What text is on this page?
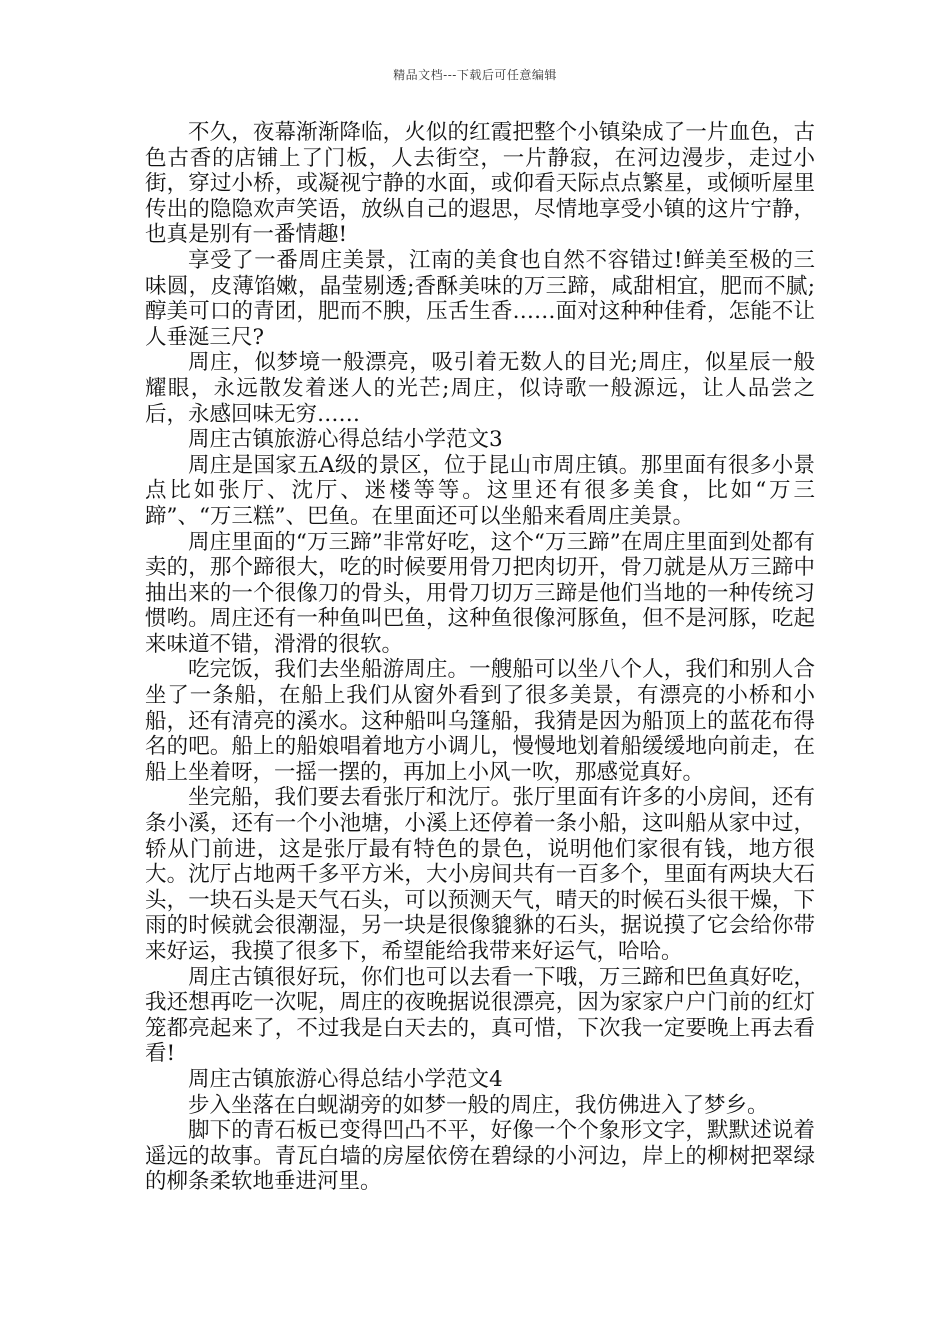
精品文档---下载后可任意编辑

不久，夜幕渐渐降临，火似的红霞把整个小镇染成了一片血色，古色古香的店铺上了门板，人去街空，一片静寂，在河边漫步，走过小街，穿过小桥，或凝视宁静的水面，或仰看天际点点繁星，或倾听屋里传出的隐隐欢声笑语，放纵自己的遐思，尽情地享受小镇的这片宁静，也真是别有一番情趣!

享受了一番周庄美景，江南的美食也自然不容错过!鲜美至极的三味圆，皮薄馅嫩，晶莹剔透;香酥美味的万三蹄，咸甜相宜，肥而不腻;醇美可口的青团，肥而不腴，压舌生香……面对这种种佳肴，怎能不让人垂涎三尺?

周庄，似梦境一般漂亮，吸引着无数人的目光;周庄，似星辰一般耀眼，永远散发着迷人的光芒;周庄，似诗歌一般源远，让人品尝之后，永感回味无穷……

周庄古镇旅游心得总结小学范文3

周庄是国家五A级的景区，位于昆山市周庄镇。那里面有很多小景点比如张厅、沈厅、迷楼等等。这里还有很多美食，比如“万三蹄”、“万三糕”、巴鱼。在里面还可以坐船来看周庄美景。

周庄里面的“万三蹄”非常好吃，这个“万三蹄”在周庄里面到处都有卖的，那个蹄很大，吃的时候要用骨刀把肉切开，骨刀就是从万三蹄中抽出来的一个很像刀的骨头，用骨刀切万三蹄是他们当地的一种传统习惯哟。周庄还有一种鱼叫巴鱼，这种鱼很像河豚鱼，但不是河豚，吃起来味道不错，滑滑的很软。

吃完饭，我们去坐船游周庄。一艘船可以坐八个人，我们和别人合坐了一条船，在船上我们从窗外看到了很多美景，有漂亮的小桥和小船，还有清亮的溪水。这种船叫乌篷船，我猜是因为船顶上的蓝花布得名的吧。船上的船娘唱着地方小调儿，慢慢地划着船缓缓地向前走，在船上坐着呀，一摇一摆的，再加上小风一吹，那感觉真好。

坐完船，我们要去看张厅和沈厅。张厅里面有许多的小房间，还有条小溪，还有一个小池塘，小溪上还停着一条小船，这叫船从家中过，轿从门前进，这是张厅最有特色的景色，说明他们家很有钱，地方很大。沈厅占地两千多平方米，大小房间共有一百多个，里面有两块大石头，一块石头是天气石头，可以预测天气，晴天的时候石头很干燥，下雨的时候就会很潮湿，另一块是很像貔貅的石头，据说摸了它会给你带来好运，我摸了很多下，希望能给我带来好运气，哈哈。

周庄古镇很好玩，你们也可以去看一下哦，万三蹄和巴鱼真好吃，我还想再吃一次呢，周庄的夜晚据说很漂亮，因为家家户户门前的红灯笼都亮起来了，不过我是白天去的，真可惜，下次我一定要晚上再去看看!

周庄古镇旅游心得总结小学范文4

步入坐落在白蚬湖旁的如梦一般的周庄，我仿佛进入了梦乡。

脚下的青石板已变得凹凸不平，好像一个个象形文字，默默述说着遥远的故事。青瓦白墙的房屋依傍在碧绿的小河边，岸上的柳树把翠绿的柳条柔软地垂进河里。
